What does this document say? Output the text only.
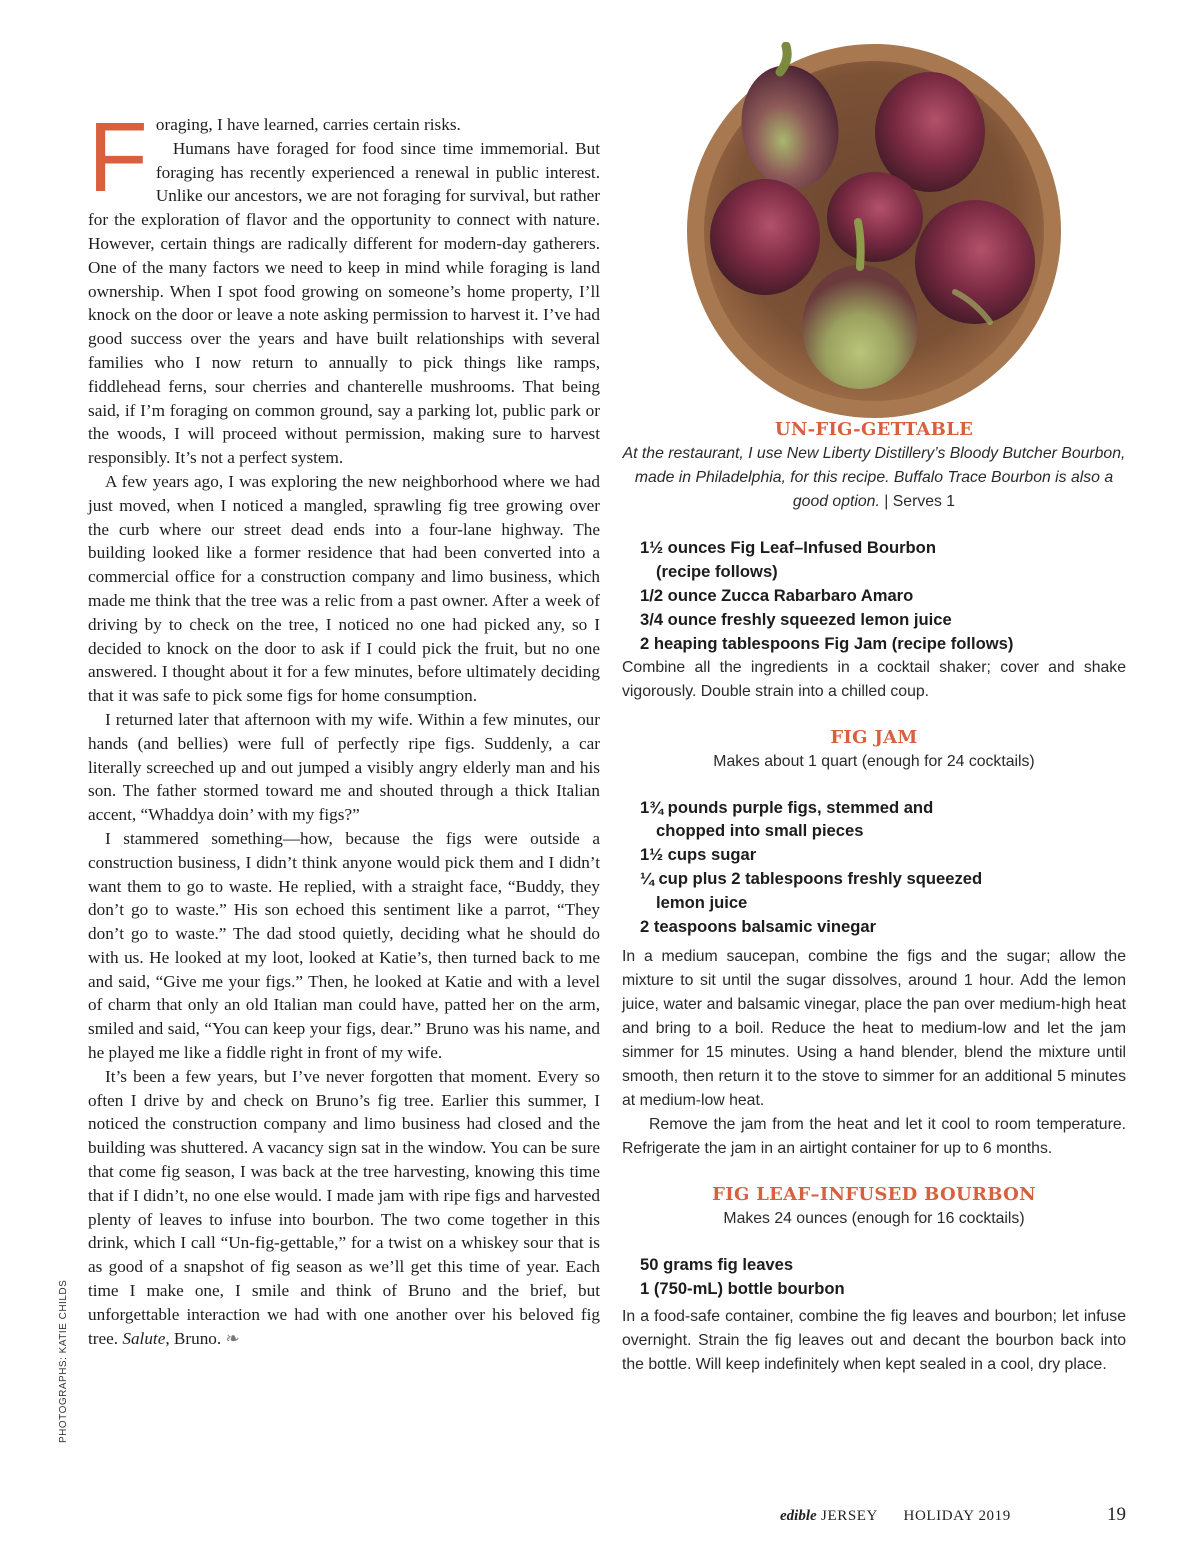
Foraging, I have learned, carries certain risks.

Humans have foraged for food since time immemorial. But foraging has recently experienced a renewal in public interest. Unlike our ancestors, we are not foraging for survival, but rather for the exploration of flavor and the opportunity to connect with nature. However, certain things are radically different for modern-day gatherers. One of the many factors we need to keep in mind while foraging is land ownership. When I spot food growing on someone’s home property, I’ll knock on the door or leave a note asking permission to harvest it. I’ve had good success over the years and have built relationships with several families who I now return to annually to pick things like ramps, fiddlehead ferns, sour cherries and chanterelle mushrooms. That being said, if I’m foraging on common ground, say a parking lot, public park or the woods, I will proceed without permission, making sure to harvest responsibly. It’s not a perfect system.

A few years ago, I was exploring the new neighborhood where we had just moved, when I noticed a mangled, sprawling fig tree growing over the curb where our street dead ends into a four-lane highway. The building looked like a former residence that had been converted into a commercial office for a construction company and limo business, which made me think that the tree was a relic from a past owner. After a week of driving by to check on the tree, I noticed no one had picked any, so I decided to knock on the door to ask if I could pick the fruit, but no one answered. I thought about it for a few minutes, before ultimately deciding that it was safe to pick some figs for home consumption.

I returned later that afternoon with my wife. Within a few minutes, our hands (and bellies) were full of perfectly ripe figs. Suddenly, a car literally screeched up and out jumped a visibly angry elderly man and his son. The father stormed toward me and shouted through a thick Italian accent, “Whaddya doin’ with my figs?”

I stammered something—how, because the figs were outside a construction business, I didn’t think anyone would pick them and I didn’t want them to go to waste. He replied, with a straight face, “Buddy, they don’t go to waste.” His son echoed this sentiment like a parrot, “They don’t go to waste.” The dad stood quietly, deciding what he should do with us. He looked at my loot, looked at Katie’s, then turned back to me and said, “Give me your figs.” Then, he looked at Katie and with a level of charm that only an old Italian man could have, patted her on the arm, smiled and said, “You can keep your figs, dear.” Bruno was his name, and he played me like a fiddle right in front of my wife.

It’s been a few years, but I’ve never forgotten that moment. Every so often I drive by and check on Bruno’s fig tree. Earlier this summer, I noticed the construction company and limo business had closed and the building was shuttered. A vacancy sign sat in the window. You can be sure that come fig season, I was back at the tree harvesting, knowing this time that if I didn’t, no one else would. I made jam with ripe figs and harvested plenty of leaves to infuse into bourbon. The two come together in this drink, which I call “Un-fig-gettable,” for a twist on a whiskey sour that is as good of a snapshot of fig season as we’ll get this time of year. Each time I make one, I smile and think of Bruno and the brief, but unforgettable interaction we had with one another over his beloved fig tree. Salute, Bruno. ❧

PHOTOGRAPHS: KATIE CHILDS
UN-FIG-GETTABLE

At the restaurant, I use New Liberty Distillery’s Bloody Butcher Bourbon, made in Philadelphia, for this recipe. Buffalo Trace Bourbon is also a good option. | Serves 1

1½ ounces Fig Leaf–Infused Bourbon
(recipe follows)
1/2 ounce Zucca Rabarbaro Amaro
3/4 ounce freshly squeezed lemon juice
2 heaping tablespoons Fig Jam (recipe follows)

Combine all the ingredients in a cocktail shaker; cover and shake vigorously. Double strain into a chilled coup.

FIG JAM

Makes about 1 quart (enough for 24 cocktails)

1¾ pounds purple figs, stemmed and
chopped into small pieces
1½ cups sugar
¼ cup plus 2 tablespoons freshly squeezed
lemon juice
2 teaspoons balsamic vinegar

In a medium saucepan, combine the figs and the sugar; allow the mixture to sit until the sugar dissolves, around 1 hour. Add the lemon juice, water and balsamic vinegar, place the pan over medium-high heat and bring to a boil. Reduce the heat to medium-low and let the jam simmer for 15 minutes. Using a hand blender, blend the mixture until smooth, then return it to the stove to simmer for an additional 5 minutes at medium-low heat.

Remove the jam from the heat and let it cool to room temperature. Refrigerate the jam in an airtight container for up to 6 months.

FIG LEAF–INFUSED BOURBON

Makes 24 ounces (enough for 16 cocktails)

50 grams fig leaves
1 (750-mL) bottle bourbon

In a food-safe container, combine the fig leaves and bourbon; let infuse overnight. Strain the fig leaves out and decant the bourbon back into the bottle. Will keep indefinitely when kept sealed in a cool, dry place.

edible JERSEY HOLIDAY 2019	19
